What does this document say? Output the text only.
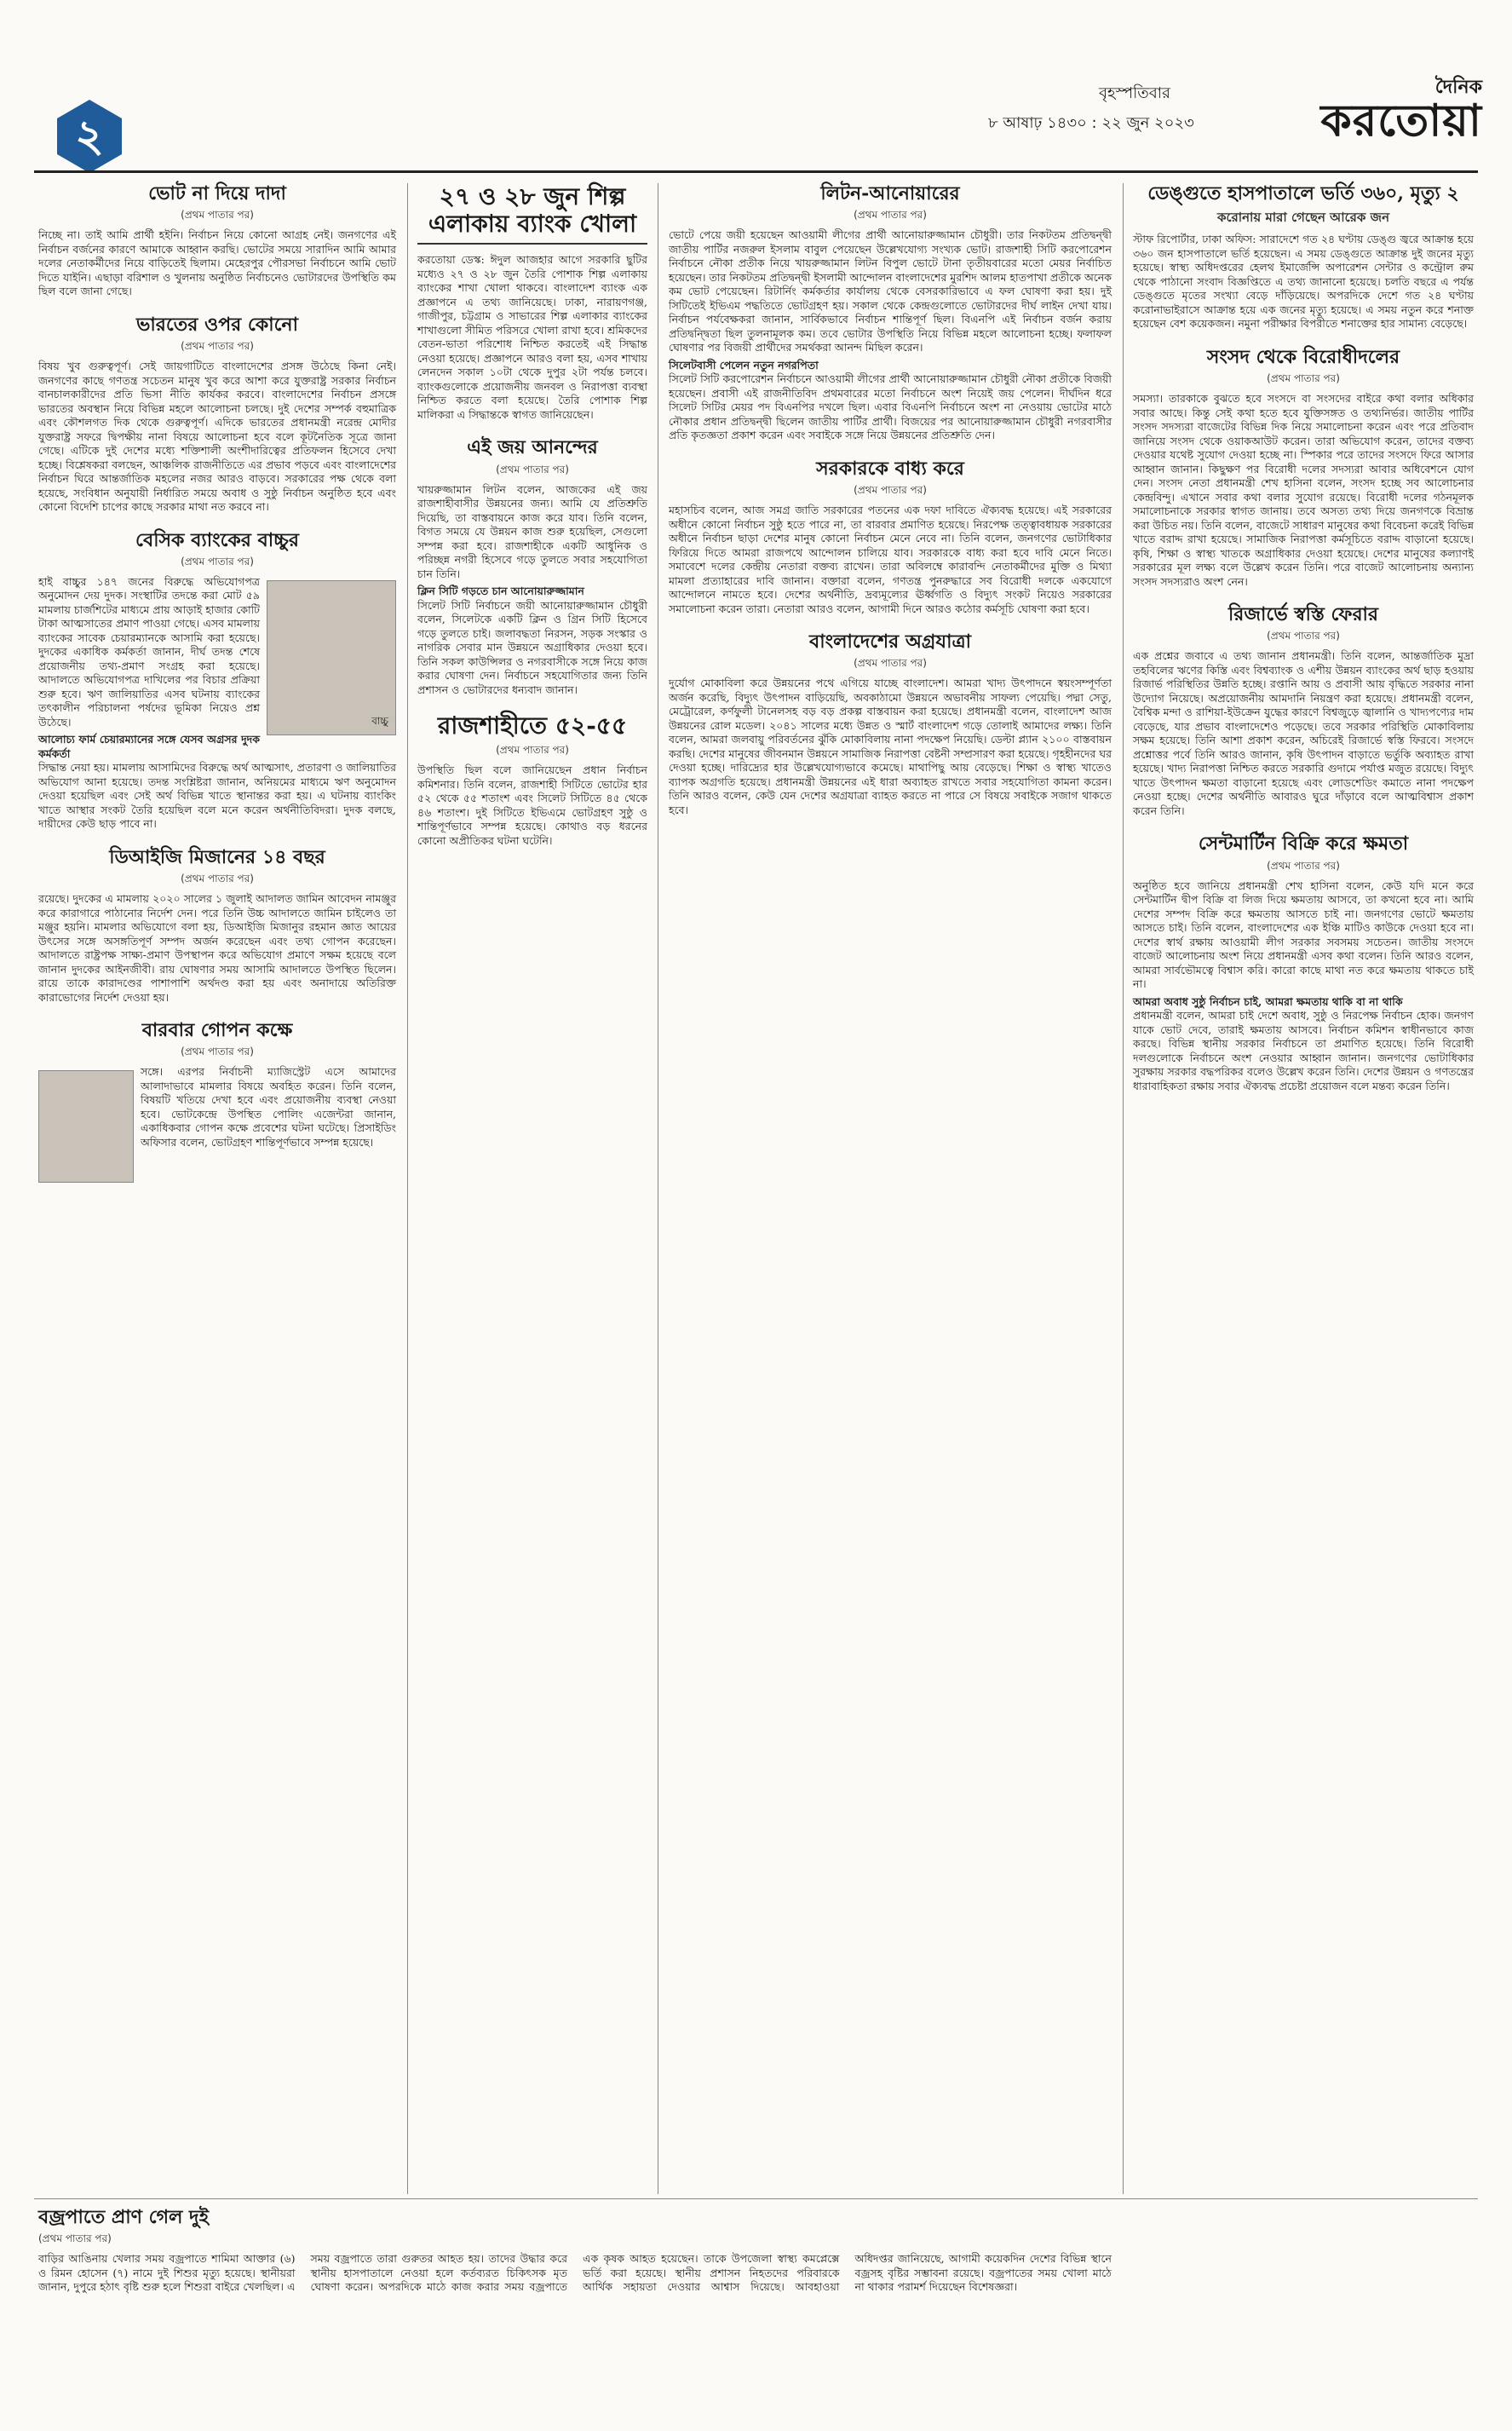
২
বৃহস্পতিবার
৮ আষাঢ় ১৪৩০ : ২২ জুন ২০২৩
দৈনিক
করতোয়া
ভোট না দিয়ে দাদা
(প্রথম পাতার পর)
নিচ্ছে না। তাই আমি প্রার্থী হইনি। নির্বাচন নিয়ে কোনো আগ্রহ নেই। জনগণের এই নির্বাচন বর্জনের কারণে আমাকে আহ্বান করছি। ভোটের সময়ে সারাদিন আমি আমার দলের নেতাকর্মীদের নিয়ে বাড়িতেই ছিলাম। মেহেরপুর পৌরসভা নির্বাচনে আমি ভোট দিতে যাইনি। এছাড়া বরিশাল ও খুলনায় অনুষ্ঠিত নির্বাচনেও ভোটারদের উপস্থিতি কম ছিল বলে জানা গেছে।
ভারতের ওপর কোনো
(প্রথম পাতার পর)
বিষয় খুব গুরুত্বপূর্ণ। সেই জায়গাটিতে বাংলাদেশের প্রসঙ্গ উঠেছে কিনা নেই। জনগণের কাছে গণতন্ত্র সচেতন মানুষ খুব করে আশা করে যুক্তরাষ্ট্র সরকার নির্বাচন বানচালকারীদের প্রতি ভিসা নীতি কার্যকর করবে। বাংলাদেশের নির্বাচন প্রসঙ্গে ভারতের অবস্থান নিয়ে বিভিন্ন মহলে আলোচনা চলছে। দুই দেশের সম্পর্ক বহুমাত্রিক এবং কৌশলগত দিক থেকে গুরুত্বপূর্ণ। এদিকে ভারতের প্রধানমন্ত্রী নরেন্দ্র মোদীর যুক্তরাষ্ট্র সফরে দ্বিপক্ষীয় নানা বিষয়ে আলোচনা হবে বলে কূটনৈতিক সূত্রে জানা গেছে। এটিকে দুই দেশের মধ্যে শক্তিশালী অংশীদারিত্বের প্রতিফলন হিসেবে দেখা হচ্ছে। বিশ্লেষকরা বলছেন, আঞ্চলিক রাজনীতিতে এর প্রভাব পড়বে এবং বাংলাদেশের নির্বাচন ঘিরে আন্তর্জাতিক মহলের নজর আরও বাড়বে। সরকারের পক্ষ থেকে বলা হয়েছে, সংবিধান অনুযায়ী নির্ধারিত সময়ে অবাধ ও সুষ্ঠু নির্বাচন অনুষ্ঠিত হবে এবং কোনো বিদেশি চাপের কাছে সরকার মাথা নত করবে না।
বেসিক ব্যাংকের বাচ্চুর
(প্রথম পাতার পর)
বাচ্চু
হাই বাচ্চুর ১৪৭ জনের বিরুদ্ধে অভিযোগপত্র অনুমোদন দেয় দুদক। সংস্থাটির তদন্তে করা মোট ৫৯ মামলায় চার্জশিটের মাধ্যমে প্রায় আড়াই হাজার কোটি টাকা আত্মসাতের প্রমাণ পাওয়া গেছে। এসব মামলায় ব্যাংকের সাবেক চেয়ারম্যানকে আসামি করা হয়েছে। দুদকের একাধিক কর্মকর্তা জানান, দীর্ঘ তদন্ত শেষে প্রয়োজনীয় তথ্য-প্রমাণ সংগ্রহ করা হয়েছে। আদালতে অভিযোগপত্র দাখিলের পর বিচার প্রক্রিয়া শুরু হবে। ঋণ জালিয়াতির এসব ঘটনায় ব্যাংকের তৎকালীন পরিচালনা পর্ষদের ভূমিকা নিয়েও প্রশ্ন উঠেছে।
আলোচ্য ফার্ম চেয়ারম্যানের সঙ্গে যেসব অগ্রসর দুদক কর্মকর্তা
সিদ্ধান্ত নেয়া হয়। মামলায় আসামিদের বিরুদ্ধে অর্থ আত্মসাৎ, প্রতারণা ও জালিয়াতির অভিযোগ আনা হয়েছে। তদন্ত সংশ্লিষ্টরা জানান, অনিয়মের মাধ্যমে ঋণ অনুমোদন দেওয়া হয়েছিল এবং সেই অর্থ বিভিন্ন খাতে স্থানান্তর করা হয়। এ ঘটনায় ব্যাংকিং খাতে আস্থার সংকট তৈরি হয়েছিল বলে মনে করেন অর্থনীতিবিদরা। দুদক বলছে, দায়ীদের কেউ ছাড় পাবে না।
ডিআইজি মিজানের ১৪ বছর
(প্রথম পাতার পর)
রয়েছে। দুদকের এ মামলায় ২০২০ সালের ১ জুলাই আদালত জামিন আবেদন নামঞ্জুর করে কারাগারে পাঠানোর নির্দেশ দেন। পরে তিনি উচ্চ আদালতে জামিন চাইলেও তা মঞ্জুর হয়নি। মামলার অভিযোগে বলা হয়, ডিআইজি মিজানুর রহমান জ্ঞাত আয়ের উৎসের সঙ্গে অসঙ্গতিপূর্ণ সম্পদ অর্জন করেছেন এবং তথ্য গোপন করেছেন। আদালতে রাষ্ট্রপক্ষ সাক্ষ্য-প্রমাণ উপস্থাপন করে অভিযোগ প্রমাণে সক্ষম হয়েছে বলে জানান দুদকের আইনজীবী। রায় ঘোষণার সময় আসামি আদালতে উপস্থিত ছিলেন। রায়ে তাকে কারাদণ্ডের পাশাপাশি অর্থদণ্ড করা হয় এবং অনাদায়ে অতিরিক্ত কারাভোগের নির্দেশ দেওয়া হয়।
বারবার গোপন কক্ষে
(প্রথম পাতার পর)
সঙ্গে। এরপর নির্বাচনী ম্যাজিস্ট্রেট এসে আমাদের আলাদাভাবে মামলার বিষয়ে অবহিত করেন। তিনি বলেন, বিষয়টি খতিয়ে দেখা হবে এবং প্রয়োজনীয় ব্যবস্থা নেওয়া হবে। ভোটকেন্দ্রে উপস্থিত পোলিং এজেন্টরা জানান, একাধিকবার গোপন কক্ষে প্রবেশের ঘটনা ঘটেছে। প্রিসাইডিং অফিসার বলেন, ভোটগ্রহণ শান্তিপূর্ণভাবে সম্পন্ন হয়েছে।
২৭ ও ২৮ জুন শিল্প এলাকায় ব্যাংক খোলা
করতোয়া ডেস্ক: ঈদুল আজহার আগে সরকারি ছুটির মধ্যেও ২৭ ও ২৮ জুন তৈরি পোশাক শিল্প এলাকায় ব্যাংকের শাখা খোলা থাকবে। বাংলাদেশ ব্যাংক এক প্রজ্ঞাপনে এ তথ্য জানিয়েছে। ঢাকা, নারায়ণগঞ্জ, গাজীপুর, চট্টগ্রাম ও সাভারের শিল্প এলাকার ব্যাংকের শাখাগুলো সীমিত পরিসরে খোলা রাখা হবে। শ্রমিকদের বেতন-ভাতা পরিশোধ নিশ্চিত করতেই এই সিদ্ধান্ত নেওয়া হয়েছে। প্রজ্ঞাপনে আরও বলা হয়, এসব শাখায় লেনদেন সকাল ১০টা থেকে দুপুর ২টা পর্যন্ত চলবে। ব্যাংকগুলোকে প্রয়োজনীয় জনবল ও নিরাপত্তা ব্যবস্থা নিশ্চিত করতে বলা হয়েছে। তৈরি পোশাক শিল্প মালিকরা এ সিদ্ধান্তকে স্বাগত জানিয়েছেন।
এই জয় আনন্দের
(প্রথম পাতার পর)
খায়রুজ্জামান লিটন বলেন, আজকের এই জয় রাজশাহীবাসীর উন্নয়নের জন্য। আমি যে প্রতিশ্রুতি দিয়েছি, তা বাস্তবায়নে কাজ করে যাব। তিনি বলেন, বিগত সময়ে যে উন্নয়ন কাজ শুরু হয়েছিল, সেগুলো সম্পন্ন করা হবে। রাজশাহীকে একটি আধুনিক ও পরিচ্ছন্ন নগরী হিসেবে গড়ে তুলতে সবার সহযোগিতা চান তিনি।
ক্লিন সিটি গড়তে চান আনোয়ারুজ্জামান
সিলেট সিটি নির্বাচনে জয়ী আনোয়ারুজ্জামান চৌধুরী বলেন, সিলেটকে একটি ক্লিন ও গ্রিন সিটি হিসেবে গড়ে তুলতে চাই। জলাবদ্ধতা নিরসন, সড়ক সংস্কার ও নাগরিক সেবার মান উন্নয়নে অগ্রাধিকার দেওয়া হবে। তিনি সকল কাউন্সিলর ও নগরবাসীকে সঙ্গে নিয়ে কাজ করার ঘোষণা দেন। নির্বাচনে সহযোগিতার জন্য তিনি প্রশাসন ও ভোটারদের ধন্যবাদ জানান।
রাজশাহীতে ৫২-৫৫
(প্রথম পাতার পর)
উপস্থিতি ছিল বলে জানিয়েছেন প্রধান নির্বাচন কমিশনার। তিনি বলেন, রাজশাহী সিটিতে ভোটের হার ৫২ থেকে ৫৫ শতাংশ এবং সিলেট সিটিতে ৪৫ থেকে ৪৬ শতাংশ। দুই সিটিতে ইভিএমে ভোটগ্রহণ সুষ্ঠু ও শান্তিপূর্ণভাবে সম্পন্ন হয়েছে। কোথাও বড় ধরনের কোনো অপ্রীতিকর ঘটনা ঘটেনি।
লিটন-আনোয়ারের
(প্রথম পাতার পর)
ভোটে পেয়ে জয়ী হয়েছেন আওয়ামী লীগের প্রার্থী আনোয়ারুজ্জামান চৌধুরী। তার নিকটতম প্রতিদ্বন্দ্বী জাতীয় পার্টির নজরুল ইসলাম বাবুল পেয়েছেন উল্লেখযোগ্য সংখ্যক ভোট। রাজশাহী সিটি করপোরেশন নির্বাচনে নৌকা প্রতীক নিয়ে খায়রুজ্জামান লিটন বিপুল ভোটে টানা তৃতীয়বারের মতো মেয়র নির্বাচিত হয়েছেন। তার নিকটতম প্রতিদ্বন্দ্বী ইসলামী আন্দোলন বাংলাদেশের মুরশিদ আলম হাতপাখা প্রতীকে অনেক কম ভোট পেয়েছেন। রিটার্নিং কর্মকর্তার কার্যালয় থেকে বেসরকারিভাবে এ ফল ঘোষণা করা হয়। দুই সিটিতেই ইভিএম পদ্ধতিতে ভোটগ্রহণ হয়। সকাল থেকে কেন্দ্রগুলোতে ভোটারদের দীর্ঘ লাইন দেখা যায়। নির্বাচন পর্যবেক্ষকরা জানান, সার্বিকভাবে নির্বাচন শান্তিপূর্ণ ছিল। বিএনপি এই নির্বাচন বর্জন করায় প্রতিদ্বন্দ্বিতা ছিল তুলনামূলক কম। তবে ভোটার উপস্থিতি নিয়ে বিভিন্ন মহলে আলোচনা হচ্ছে। ফলাফল ঘোষণার পর বিজয়ী প্রার্থীদের সমর্থকরা আনন্দ মিছিল করেন।
সিলেটবাসী পেলেন নতুন নগরপিতা
সিলেট সিটি করপোরেশন নির্বাচনে আওয়ামী লীগের প্রার্থী আনোয়ারুজ্জামান চৌধুরী নৌকা প্রতীকে বিজয়ী হয়েছেন। প্রবাসী এই রাজনীতিবিদ প্রথমবারের মতো নির্বাচনে অংশ নিয়েই জয় পেলেন। দীর্ঘদিন ধরে সিলেট সিটির মেয়র পদ বিএনপির দখলে ছিল। এবার বিএনপি নির্বাচনে অংশ না নেওয়ায় ভোটের মাঠে নৌকার প্রধান প্রতিদ্বন্দ্বী ছিলেন জাতীয় পার্টির প্রার্থী। বিজয়ের পর আনোয়ারুজ্জামান চৌধুরী নগরবাসীর প্রতি কৃতজ্ঞতা প্রকাশ করেন এবং সবাইকে সঙ্গে নিয়ে উন্নয়নের প্রতিশ্রুতি দেন।
সরকারকে বাধ্য করে
(প্রথম পাতার পর)
মহাসচিব বলেন, আজ সমগ্র জাতি সরকারের পতনের এক দফা দাবিতে ঐক্যবদ্ধ হয়েছে। এই সরকারের অধীনে কোনো নির্বাচন সুষ্ঠু হতে পারে না, তা বারবার প্রমাণিত হয়েছে। নিরপেক্ষ তত্ত্বাবধায়ক সরকারের অধীনে নির্বাচন ছাড়া দেশের মানুষ কোনো নির্বাচন মেনে নেবে না। তিনি বলেন, জনগণের ভোটাধিকার ফিরিয়ে দিতে আমরা রাজপথে আন্দোলন চালিয়ে যাব। সরকারকে বাধ্য করা হবে দাবি মেনে নিতে। সমাবেশে দলের কেন্দ্রীয় নেতারা বক্তব্য রাখেন। তারা অবিলম্বে কারাবন্দি নেতাকর্মীদের মুক্তি ও মিথ্যা মামলা প্রত্যাহারের দাবি জানান। বক্তারা বলেন, গণতন্ত্র পুনরুদ্ধারে সব বিরোধী দলকে একযোগে আন্দোলনে নামতে হবে। দেশের অর্থনীতি, দ্রব্যমূল্যের ঊর্ধ্বগতি ও বিদ্যুৎ সংকট নিয়েও সরকারের সমালোচনা করেন তারা। নেতারা আরও বলেন, আগামী দিনে আরও কঠোর কর্মসূচি ঘোষণা করা হবে।
বাংলাদেশের অগ্রযাত্রা
(প্রথম পাতার পর)
দুর্যোগ মোকাবিলা করে উন্নয়নের পথে এগিয়ে যাচ্ছে বাংলাদেশ। আমরা খাদ্য উৎপাদনে স্বয়ংসম্পূর্ণতা অর্জন করেছি, বিদ্যুৎ উৎপাদন বাড়িয়েছি, অবকাঠামো উন্নয়নে অভাবনীয় সাফল্য পেয়েছি। পদ্মা সেতু, মেট্রোরেল, কর্ণফুলী টানেলসহ বড় বড় প্রকল্প বাস্তবায়ন করা হয়েছে। প্রধানমন্ত্রী বলেন, বাংলাদেশ আজ উন্নয়নের রোল মডেল। ২০৪১ সালের মধ্যে উন্নত ও স্মার্ট বাংলাদেশ গড়ে তোলাই আমাদের লক্ষ্য। তিনি বলেন, আমরা জলবায়ু পরিবর্তনের ঝুঁকি মোকাবিলায় নানা পদক্ষেপ নিয়েছি। ডেল্টা প্ল্যান ২১০০ বাস্তবায়ন করছি। দেশের মানুষের জীবনমান উন্নয়নে সামাজিক নিরাপত্তা বেষ্টনী সম্প্রসারণ করা হয়েছে। গৃহহীনদের ঘর দেওয়া হচ্ছে। দারিদ্র্যের হার উল্লেখযোগ্যভাবে কমেছে। মাথাপিছু আয় বেড়েছে। শিক্ষা ও স্বাস্থ্য খাতেও ব্যাপক অগ্রগতি হয়েছে। প্রধানমন্ত্রী উন্নয়নের এই ধারা অব্যাহত রাখতে সবার সহযোগিতা কামনা করেন। তিনি আরও বলেন, কেউ যেন দেশের অগ্রযাত্রা ব্যাহত করতে না পারে সে বিষয়ে সবাইকে সজাগ থাকতে হবে।
ডেঙ্গুতে হাসপাতালে ভর্তি ৩৬০, মৃত্যু ২
করোনায় মারা গেছেন আরেক জন
স্টাফ রিপোর্টার, ঢাকা অফিস: সারাদেশে গত ২৪ ঘণ্টায় ডেঙ্গু জ্বরে আক্রান্ত হয়ে ৩৬০ জন হাসপাতালে ভর্তি হয়েছেন। এ সময় ডেঙ্গুতে আক্রান্ত দুই জনের মৃত্যু হয়েছে। স্বাস্থ্য অধিদপ্তরের হেলথ ইমার্জেন্সি অপারেশন সেন্টার ও কন্ট্রোল রুম থেকে পাঠানো সংবাদ বিজ্ঞপ্তিতে এ তথ্য জানানো হয়েছে। চলতি বছরে এ পর্যন্ত ডেঙ্গুতে মৃতের সংখ্যা বেড়ে দাঁড়িয়েছে। অপরদিকে দেশে গত ২৪ ঘণ্টায় করোনাভাইরাসে আক্রান্ত হয়ে এক জনের মৃত্যু হয়েছে। এ সময় নতুন করে শনাক্ত হয়েছেন বেশ কয়েকজন। নমুনা পরীক্ষার বিপরীতে শনাক্তের হার সামান্য বেড়েছে।
সংসদ থেকে বিরোধীদলের
(প্রথম পাতার পর)
সমস্যা। তারকাকে বুঝতে হবে সংসদে বা সংসদের বাইরে কথা বলার অধিকার সবার আছে। কিন্তু সেই কথা হতে হবে যুক্তিসঙ্গত ও তথ্যনির্ভর। জাতীয় পার্টির সংসদ সদস্যরা বাজেটের বিভিন্ন দিক নিয়ে সমালোচনা করেন এবং পরে প্রতিবাদ জানিয়ে সংসদ থেকে ওয়াকআউট করেন। তারা অভিযোগ করেন, তাদের বক্তব্য দেওয়ার যথেষ্ট সুযোগ দেওয়া হচ্ছে না। স্পিকার পরে তাদের সংসদে ফিরে আসার আহ্বান জানান। কিছুক্ষণ পর বিরোধী দলের সদস্যরা আবার অধিবেশনে যোগ দেন। সংসদ নেতা প্রধানমন্ত্রী শেখ হাসিনা বলেন, সংসদ হচ্ছে সব আলোচনার কেন্দ্রবিন্দু। এখানে সবার কথা বলার সুযোগ রয়েছে। বিরোধী দলের গঠনমূলক সমালোচনাকে সরকার স্বাগত জানায়। তবে অসত্য তথ্য দিয়ে জনগণকে বিভ্রান্ত করা উচিত নয়। তিনি বলেন, বাজেটে সাধারণ মানুষের কথা বিবেচনা করেই বিভিন্ন খাতে বরাদ্দ রাখা হয়েছে। সামাজিক নিরাপত্তা কর্মসূচিতে বরাদ্দ বাড়ানো হয়েছে। কৃষি, শিক্ষা ও স্বাস্থ্য খাতকে অগ্রাধিকার দেওয়া হয়েছে। দেশের মানুষের কল্যাণই সরকারের মূল লক্ষ্য বলে উল্লেখ করেন তিনি। পরে বাজেট আলোচনায় অন্যান্য সংসদ সদস্যরাও অংশ নেন।
রিজার্ভে স্বস্তি ফেরার
(প্রথম পাতার পর)
এক প্রশ্নের জবাবে এ তথ্য জানান প্রধানমন্ত্রী। তিনি বলেন, আন্তর্জাতিক মুদ্রা তহবিলের ঋণের কিস্তি এবং বিশ্বব্যাংক ও এশীয় উন্নয়ন ব্যাংকের অর্থ ছাড় হওয়ায় রিজার্ভ পরিস্থিতির উন্নতি হচ্ছে। রপ্তানি আয় ও প্রবাসী আয় বৃদ্ধিতে সরকার নানা উদ্যোগ নিয়েছে। অপ্রয়োজনীয় আমদানি নিয়ন্ত্রণ করা হয়েছে। প্রধানমন্ত্রী বলেন, বৈশ্বিক মন্দা ও রাশিয়া-ইউক্রেন যুদ্ধের কারণে বিশ্বজুড়ে জ্বালানি ও খাদ্যপণ্যের দাম বেড়েছে, যার প্রভাব বাংলাদেশেও পড়েছে। তবে সরকার পরিস্থিতি মোকাবিলায় সক্ষম হয়েছে। তিনি আশা প্রকাশ করেন, অচিরেই রিজার্ভে স্বস্তি ফিরবে। সংসদে প্রশ্নোত্তর পর্বে তিনি আরও জানান, কৃষি উৎপাদন বাড়াতে ভর্তুকি অব্যাহত রাখা হয়েছে। খাদ্য নিরাপত্তা নিশ্চিত করতে সরকারি গুদামে পর্যাপ্ত মজুত রয়েছে। বিদ্যুৎ খাতে উৎপাদন ক্ষমতা বাড়ানো হয়েছে এবং লোডশেডিং কমাতে নানা পদক্ষেপ নেওয়া হচ্ছে। দেশের অর্থনীতি আবারও ঘুরে দাঁড়াবে বলে আত্মবিশ্বাস প্রকাশ করেন তিনি।
সেন্টমার্টিন বিক্রি করে ক্ষমতা
(প্রথম পাতার পর)
অনুষ্ঠিত হবে জানিয়ে প্রধানমন্ত্রী শেখ হাসিনা বলেন, কেউ যদি মনে করে সেন্টমার্টিন দ্বীপ বিক্রি বা লিজ দিয়ে ক্ষমতায় আসবে, তা কখনো হবে না। আমি দেশের সম্পদ বিক্রি করে ক্ষমতায় আসতে চাই না। জনগণের ভোটে ক্ষমতায় আসতে চাই। তিনি বলেন, বাংলাদেশের এক ইঞ্চি মাটিও কাউকে দেওয়া হবে না। দেশের স্বার্থ রক্ষায় আওয়ামী লীগ সরকার সবসময় সচেতন। জাতীয় সংসদে বাজেট আলোচনায় অংশ নিয়ে প্রধানমন্ত্রী এসব কথা বলেন। তিনি আরও বলেন, আমরা সার্বভৌমত্বে বিশ্বাস করি। কারো কাছে মাথা নত করে ক্ষমতায় থাকতে চাই না।
আমরা অবাধ সুষ্ঠু নির্বাচন চাই, আমরা ক্ষমতায় থাকি বা না থাকি
প্রধানমন্ত্রী বলেন, আমরা চাই দেশে অবাধ, সুষ্ঠু ও নিরপেক্ষ নির্বাচন হোক। জনগণ যাকে ভোট দেবে, তারাই ক্ষমতায় আসবে। নির্বাচন কমিশন স্বাধীনভাবে কাজ করছে। বিভিন্ন স্থানীয় সরকার নির্বাচনে তা প্রমাণিত হয়েছে। তিনি বিরোধী দলগুলোকে নির্বাচনে অংশ নেওয়ার আহ্বান জানান। জনগণের ভোটাধিকার সুরক্ষায় সরকার বদ্ধপরিকর বলেও উল্লেখ করেন তিনি। দেশের উন্নয়ন ও গণতন্ত্রের ধারাবাহিকতা রক্ষায় সবার ঐক্যবদ্ধ প্রচেষ্টা প্রয়োজন বলে মন্তব্য করেন তিনি।
বজ্রপাতে প্রাণ গেল দুই
(প্রথম পাতার পর)
বাড়ির আঙিনায় খেলার সময় বজ্রপাতে শামিমা আক্তার (৬) ও রিমন হোসেন (৭) নামে দুই শিশুর মৃত্যু হয়েছে। স্থানীয়রা জানান, দুপুরে হঠাৎ বৃষ্টি শুরু হলে শিশুরা বাইরে খেলছিল। এ সময় বজ্রপাতে তারা গুরুতর আহত হয়। তাদের উদ্ধার করে স্থানীয় হাসপাতালে নেওয়া হলে কর্তব্যরত চিকিৎসক মৃত ঘোষণা করেন। অপরদিকে মাঠে কাজ করার সময় বজ্রপাতে এক কৃষক আহত হয়েছেন। তাকে উপজেলা স্বাস্থ্য কমপ্লেক্সে ভর্তি করা হয়েছে। স্থানীয় প্রশাসন নিহতদের পরিবারকে আর্থিক সহায়তা দেওয়ার আশ্বাস দিয়েছে। আবহাওয়া অধিদপ্তর জানিয়েছে, আগামী কয়েকদিন দেশের বিভিন্ন স্থানে বজ্রসহ বৃষ্টির সম্ভাবনা রয়েছে। বজ্রপাতের সময় খোলা মাঠে না থাকার পরামর্শ দিয়েছেন বিশেষজ্ঞরা।
